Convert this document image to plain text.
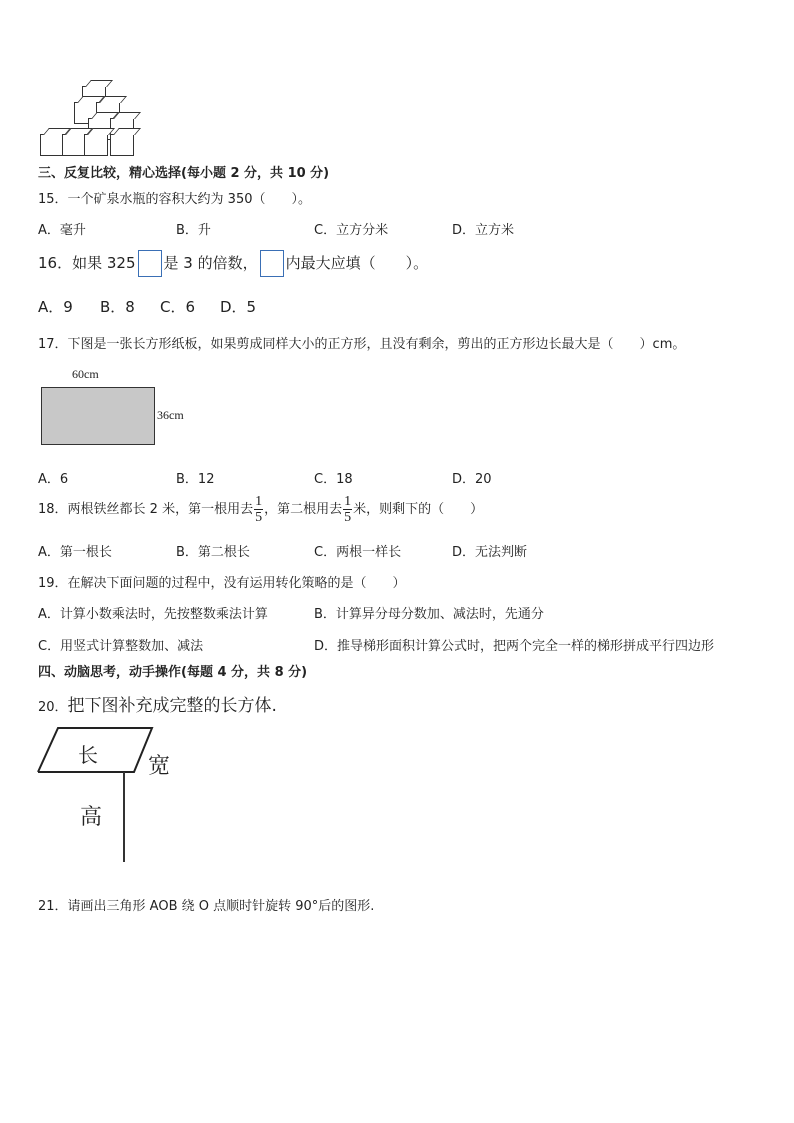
三、反复比较，精心选择(每小题 2 分，共 10 分)
15．一个矿泉水瓶的容积大约为 350（　　）。
A．毫升	B．升	C．立方分米	D．立方米
16．如果 325 是 3 的倍数， 内最大应填（　　）。
A．9 B．8 C．6 D．5
17．下图是一张长方形纸板，如果剪成同样大小的正方形，且没有剩余，剪出的正方形边长最大是（　　）cm。
60cm
36cm
A．6	B．12	C．18	D．20
18．两根铁丝都长 2 米，第一根用去 $\frac{1}{5}$ ，第二根用去 $\frac{1}{5}$ 米，则剩下的（　　）
A．第一根长	B．第二根长	C．两根一样长	D．无法判断
19．在解决下面问题的过程中，没有运用转化策略的是（　　）
A．计算小数乘法时，先按整数乘法计算	B．计算异分母分数加、减法时，先通分
C．用竖式计算整数加、减法	D．推导梯形面积计算公式时，把两个完全一样的梯形拼成平行四边形
四、动脑思考，动手操作(每题 4 分，共 8 分)
20．把下图补充成完整的长方体.
长 宽
高
21．请画出三角形 AOB 绕 O 点顺时针旋转 90°后的图形.
